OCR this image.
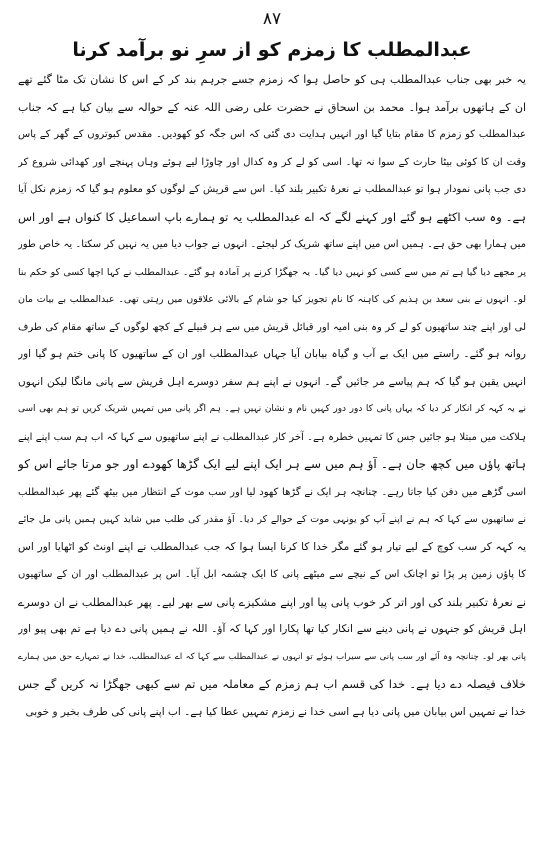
۸۷
عبدالمطلب کا زمزم کو از سرِ نو برآمد کرنا
یہ خبر بھی جناب عبدالمطلب ہی کو حاصل ہوا کہ زمزم جسے جرہم بند کر کے اس کا نشان تک مٹا گئے تھے
ان کے ہاتھوں برآمد ہوا۔ محمد بن اسحاق نے حضرت علی رضی اللہ عنہ کے حوالہ سے بیان کیا ہے کہ جناب
عبدالمطلب کو زمزم کا مقام بتایا گیا اور انہیں ہدایت دی گئی کہ اس جگہ کو کھودیں۔ مقدس کبوتروں کے گھر کے پاس
وقت ان کا کوئی بیٹا حارث کے سوا نہ تھا۔ اسی کو لے کر وہ کدال اور چاوڑا لیے ہوئے وہاں پہنچے اور کھدائی شروع کر
دی جب پانی نمودار ہوا تو عبدالمطلب نے نعرۂ تکبیر بلند کیا۔ اس سے قریش کے لوگوں کو معلوم ہو گیا کہ زمزم نکل آیا
ہے۔ وہ سب اکٹھے ہو گئے اور کہنے لگے کہ اے عبدالمطلب یہ تو ہمارے باپ اسماعیل کا کنواں ہے اور اس
میں ہمارا بھی حق ہے۔ ہمیں اس میں اپنے ساتھ شریک کر لیجئے۔ انہوں نے جواب دیا میں یہ نہیں کر سکتا۔ یہ خاص طور
پر مجھے دیا گیا ہے تم میں سے کسی کو نہیں دیا گیا۔ یہ جھگڑا کرنے پر آمادہ ہو گئے۔ عبدالمطلب نے کہا اچھا کسی کو حکم بنا
لو۔ انہوں نے بنی سعد بن ہذیم کی کاہنہ کا نام تجویز کیا جو شام کے بالائی علاقوں میں رہتی تھی۔ عبدالمطلب بے بیات مان
لی اور اپنے چند ساتھیوں کو لے کر وہ بنی امیہ اور قبائل قریش میں سے ہر قبیلے کے کچھ لوگوں کے ساتھ مقام کی طرف
روانہ ہو گئے۔ راستے میں ایک بے آب و گیاہ بیابان آیا جہاں عبدالمطلب اور ان کے ساتھیوں کا پانی ختم ہو گیا اور
انہیں یقین ہو گیا کہ ہم پیاسے مر جائیں گے۔ انہوں نے اپنے ہم سفر دوسرے اہل قریش سے پانی مانگا لیکن انہوں
نے یہ کہہ کر انکار کر دیا کہ یہاں پانی کا دور دور کہیں نام و نشان نہیں ہے۔ ہم اگر پانی میں تمہیں شریک کریں تو ہم بھی اسی
ہلاکت میں مبتلا ہو جائیں جس کا تمہیں خطرہ ہے۔ آخر کار عبدالمطلب نے اپنے ساتھیوں سے کہا کہ اب ہم سب اپنے اپنے
ہاتھ پاؤں میں کچھ جان ہے۔ آؤ ہم میں سے ہر ایک اپنے لیے ایک گڑھا کھودے اور جو مرتا جائے اس کو
اسی گڑھے میں دفن کیا جاتا رہے۔ چنانچہ ہر ایک نے گڑھا کھود لیا اور سب موت کے انتظار میں بیٹھ گئے پھر عبدالمطلب
نے ساتھیوں سے کہا کہ ہم نے اپنے آپ کو یونہی موت کے حوالے کر دیا۔ آؤ مقدر کی طلب میں شاید کہیں ہمیں پانی مل جائے
یہ کہہ کر سب کوچ کے لیے تیار ہو گئے مگر خدا کا کرنا ایسا ہوا کہ جب عبدالمطلب نے اپنے اونٹ کو اٹھایا اور اس
کا پاؤں زمین پر پڑا تو اچانک اس کے نیچے سے میٹھے پانی کا ایک چشمہ ابل آیا۔ اس پر عبدالمطلب اور ان کے ساتھیوں
نے نعرۂ تکبیر بلند کی اور اتر کر خوب پانی پیا اور اپنے مشکیزے پانی سے بھر لیے۔ پھر عبدالمطلب نے ان دوسرے
اہل قریش کو جنہوں نے پانی دینے سے انکار کیا تھا پکارا اور کہا کہ آؤ۔ اللہ نے ہمیں پانی دے دیا ہے تم بھی پیو اور
پانی بھر لو۔ چنانچہ وہ آئے اور سب پانی سے سیراب ہوئے تو انہوں نے عبدالمطلب سے کہا کہ اے عبدالمطلب، خدا نے تمہارے حق میں ہمارے
خلاف فیصلہ دے دیا ہے۔ خدا کی قسم اب ہم زمزم کے معاملہ میں تم سے کبھی جھگڑا نہ کریں گے جس
خدا نے تمہیں اس بیابان میں پانی دیا ہے اسی خدا نے زمزم تمہیں عطا کیا ہے۔ اب اپنے پانی کی طرف بخیر و خوبی
